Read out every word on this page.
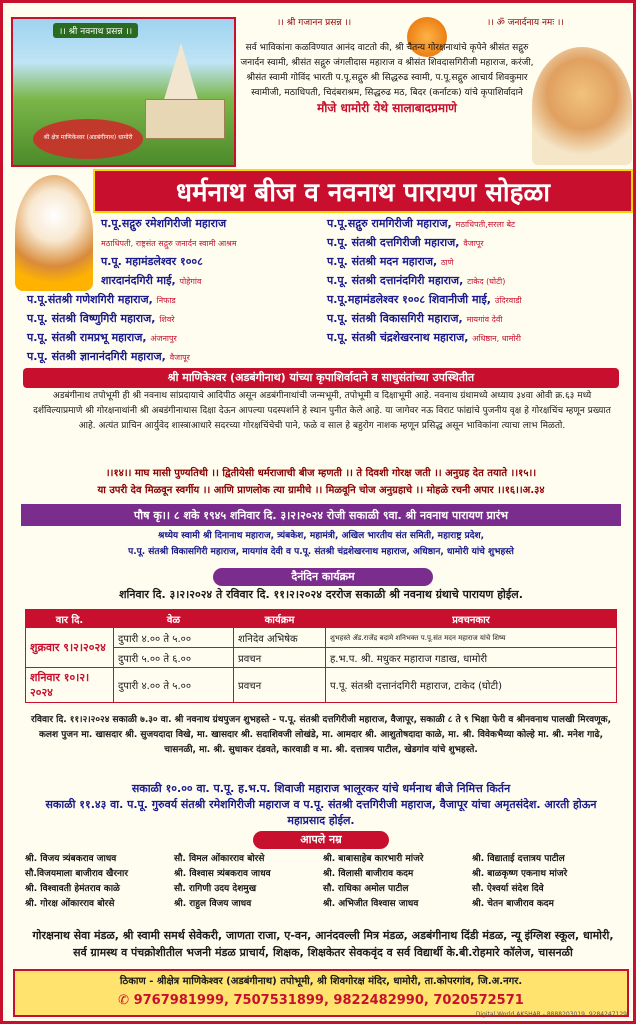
।। श्री नवनाथ प्रसन्न ।।
श्री क्षेत्र माणिकेश्वर (अडबंगीनाथ) धामोरी
।। श्री गजानन प्रसन्न ।।	।। ॐ जनार्दनाय नमः ।।
सर्व भाविकांना कळविण्यात आनंद वाटतो की, श्री चैतन्य गोरक्षनाथांचे कृपेने श्रीसंत सद्गुरु जनार्दन स्वामी, श्रीसंत सद्गुरु जंगलीदास महाराज व श्रीसंत शिवदासगिरीजी महाराज, करंजी, श्रीसंत स्वामी गोविंद भारती प.पू.सद्गुरु श्री सिद्धरुढ स्वामी, प.पू.सद्गुरु आचार्य शिवकुमार स्वामीजी, मठाधिपती, चिदंबराश्रम, सिद्धरुढ मठ, बिदर (कर्नाटक) यांचे कृपाशिर्वादाने
मौजे धामोरी येथे सालाबादप्रमाणे
धर्मनाथ बीज व नवनाथ पारायण सोहळा
प.पू.सद्गुरु रमेशगिरीजी महाराज
मठाधिपती, राष्ट्रसंत सद्गुरु जनार्दन स्वामी आश्रम
प.पू. महामंडलेश्वर १००८
शारदानंदगिरी माई, पोहेगांव
प.पू.संतश्री गणेशगिरी महाराज, निफाड
प.पू. संतश्री विष्णुगिरी महाराज, शिवरे
प.पू. संतश्री रामप्रभू महाराज, अंजनापुर
प.पू. संतश्री ज्ञानानंदगिरी महाराज, वैजापूर
प.पू.सद्गुरु रामगिरीजी महाराज, मठाधिपती,सरला बेट
प.पू. संतश्री दत्तगिरीजी महाराज, वैजापूर
प.पू. संतश्री मदन महाराज, ठाणे
प.पू. संतश्री दत्तानंदगिरी महाराज, टाकेद (घोटी)
प.पू.महामंडलेश्वर १००८ शिवानीजी माई, उंदिरवाडी
प.पू. संतश्री विकासगिरी महाराज, मायगांव देवी
प.पू. संतश्री चंद्रशेखरनाथ महाराज, अधिष्ठान, धामोरी
श्री माणिकेश्वर (अडबंगीनाथ) यांच्या कृपाशिर्वादाने व साधुसंतांच्या उपस्थितीत
अडबंगीनाथ तपोभूमी ही श्री नवनाथ सांप्रदायाचे आदिपीठ असून अडबंगीनाथांची जन्मभूमी, तपोभूमी व दिक्षाभूमी आहे. नवनाथ ग्रंथामध्ये अध्याय ३४वा ओवी क्र.६३ मध्ये दर्शविल्याप्रमाणे श्री गोरक्षनाथांनी श्री अबडंगीनाथास दिक्षा देऊन आपल्या पदस्पर्शाने हे स्थान पुनीत केले आहे. या जागेवर नऊ विराट फांद्यांचे पुजनीय वृक्ष हे गोरक्षचिंच म्हणून प्रख्यात आहे. अत्यंत प्राचिन आर्युवेद शास्त्राआधारे सदरच्या गोरक्षचिंचेची पाने, फळे व साल हे बहुरोग नाशक म्हणून प्रसिद्ध असून भाविकांना त्याचा लाभ मिळतो.
।।१४।। माघ मासी पुण्यतिथी ।। द्वितीयेसी धर्मराजाची बीज म्हणती ।। ते दिवशी गोरक्ष जती ।। अनुग्रह देत तयाते ।।१५।।
या उपरी देव मिळवून स्वर्गीय ।। आणि प्राणलोक त्या ग्रामीचे ।। मिळवूनि चोज अनुग्रहाचे ।। मोहळे रचनी अपार ।।१६।।अ.३४
पौष कृ।। ८ शके १९४५ शनिवार दि. ३।२।२०२४ रोजी सकाळी ९वा. श्री नवनाथ पारायण प्रारंभ
श्रध्येय स्वामी श्री दिनानाथ महाराज, त्र्यंबकेश, महामंत्री, अखिल भारतीय संत समिती, महाराष्ट्र प्रदेश,
प.पू. संतश्री विकासगिरी महाराज, मायगांव देवी व प.पू. संतश्री चंद्रशेखरनाथ महाराज, अधिष्ठान, धामोरी यांचे शुभहस्ते
दैनंदिन कार्यक्रम
शनिवार दि. ३।२।२०२४ ते रविवार दि. ११।२।२०२४ दररोज सकाळी श्री नवनाथ ग्रंथाचे पारायण होईल.
वार दि.	वेळ	कार्यक्रम	प्रवचनकार
शुक्रवार ९।२।२०२४	दुपारी ४.०० ते ५.००	शनिदेव अभिषेक	शुभहस्ते ॲड.राजेंद्र बदामे शनिभक्त प.पू.संत मदन महाराज यांचे शिष्य
	दुपारी ५.०० ते ६.००	प्रवचन	ह.भ.प. श्री. मधुकर महाराज गडाख, धामोरी
शनिवार १०।२।२०२४	दुपारी ४.०० ते ५.००	प्रवचन	प.पू. संतश्री दत्तानंदगिरी महाराज, टाकेद (घोटी)
रविवार दि. ११।२।२०२४ सकाळी ७.३० वा. श्री नवनाथ ग्रंथपुजन शुभहस्ते - प.पू. संतश्री दत्तगिरीजी महाराज, वैजापूर, सकाळी ८ ते ९ भिक्षा फेरी व श्रीनवनाथ पालखी मिरवणूक, कलश पुजन मा. खासदार श्री. सुजयदादा विखे, मा. खासदार श्री. सदाशिवजी लोखंडे, मा. आमदार श्री. आशुतोषदादा काळे, मा. श्री. विवेकभैय्या कोल्हे मा. श्री. मनेश गाढे, चासनळी, मा. श्री. सुधाकर दंडवते, कारवाडी व मा. श्री. दत्तात्रय पाटील, खेडगांव यांचे शुभहस्ते.
सकाळी १०.०० वा. प.पू. ह.भ.प. शिवाजी महाराज भालूरकर यांचे धर्मनाथ बीजे निमित्त किर्तन
सकाळी ११.४३ वा. प.पू. गुरुवर्य संतश्री रमेशगिरीजी महाराज व प.पू. संतश्री दत्तगिरीजी महाराज, वैजापूर यांचा अमृतसंदेश. आरती होऊन महाप्रसाद होईल.
आपले नम्र
श्री. विजय त्र्यंबकराव जाधव	सौ. विमल ओंकारराव बोरसे	श्री. बाबासाहेब कारभारी मांजरे	श्री. विद्याताई दत्तात्रय पाटील
सौ.विजयमाला बाजीराव खैरनार	श्री. विश्वास त्र्यंबकराव जाधव	श्री. विलासी बाजीराव कदम	श्री. बाळकृष्ण एकनाथ मांजरे
श्री. विश्वावती हेमंतराव काळे	सौ. रागिणी उदय देशमुख	सौ. राधिका अमोल पाटील	सौ. ऐश्वर्या संदेश दिवे
श्री. गोरक्ष ओंकारराव बोरसे	श्री. राहुल विजय जाधव	श्री. अभिजीत विश्वास जाधव	श्री. चेतन बाजीराव कदम
गोरक्षनाथ सेवा मंडळ, श्री स्वामी समर्थ सेवेकरी, जाणता राजा, ए-वन, आनंदवल्ली मित्र मंडळ, अडबंगीनाथ दिंडी मंडळ, न्यू इंग्लिश स्कूल, धामोरी, सर्व ग्रामस्थ व पंचक्रोशीतील भजनी मंडळ प्राचार्य, शिक्षक, शिक्षकेतर सेवकवृंद व सर्व विद्यार्थी के.बी.रोहमारे कॉलेज, चासनळी
ठिकाण - श्रीक्षेत्र माणिकेश्वर (अडबंगीनाथ) तपोभूमी, श्री शिवगोरक्ष मंदिर, धामोरी, ता.कोपरगांव, जि.अ.नगर.
✆ 9767981999, 7507531899, 9822482990, 7020572571
Digital World AKSHAR - 8888203019, 9284247129
